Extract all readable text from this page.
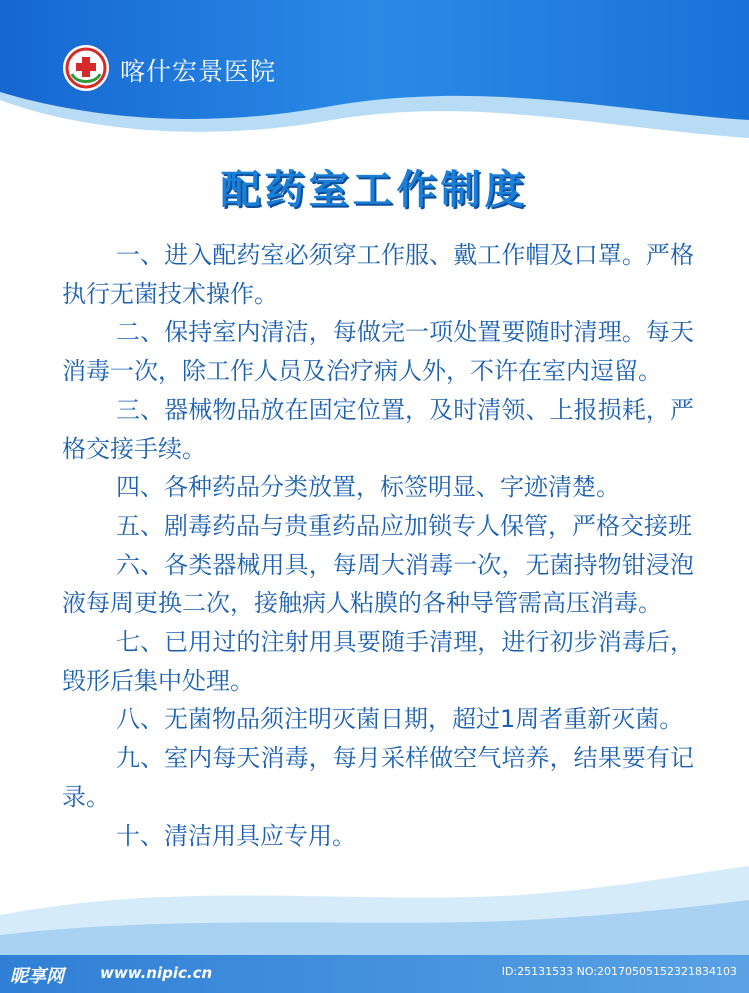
喀什宏景医院
配药室工作制度

一、进入配药室必须穿工作服、戴工作帽及口罩。严格执行无菌技术操作。

二、保持室内清洁，每做完一项处置要随时清理。每天消毒一次，除工作人员及治疗病人外，不许在室内逗留。

三、器械物品放在固定位置，及时清领、上报损耗，严格交接手续。

四、各种药品分类放置，标签明显、字迹清楚。

五、剧毒药品与贵重药品应加锁专人保管，严格交接班

六、各类器械用具，每周大消毒一次，无菌持物钳浸泡液每周更换二次，接触病人粘膜的各种导管需高压消毒。

七、已用过的注射用具要随手清理，进行初步消毒后，毁形后集中处理。

八、无菌物品须注明灭菌日期，超过1周者重新灭菌。

九、室内每天消毒，每月采样做空气培养，结果要有记录。

十、清洁用具应专用。

昵享网 www.nipic.cn	ID:25131533 NO:20170505152321834103
